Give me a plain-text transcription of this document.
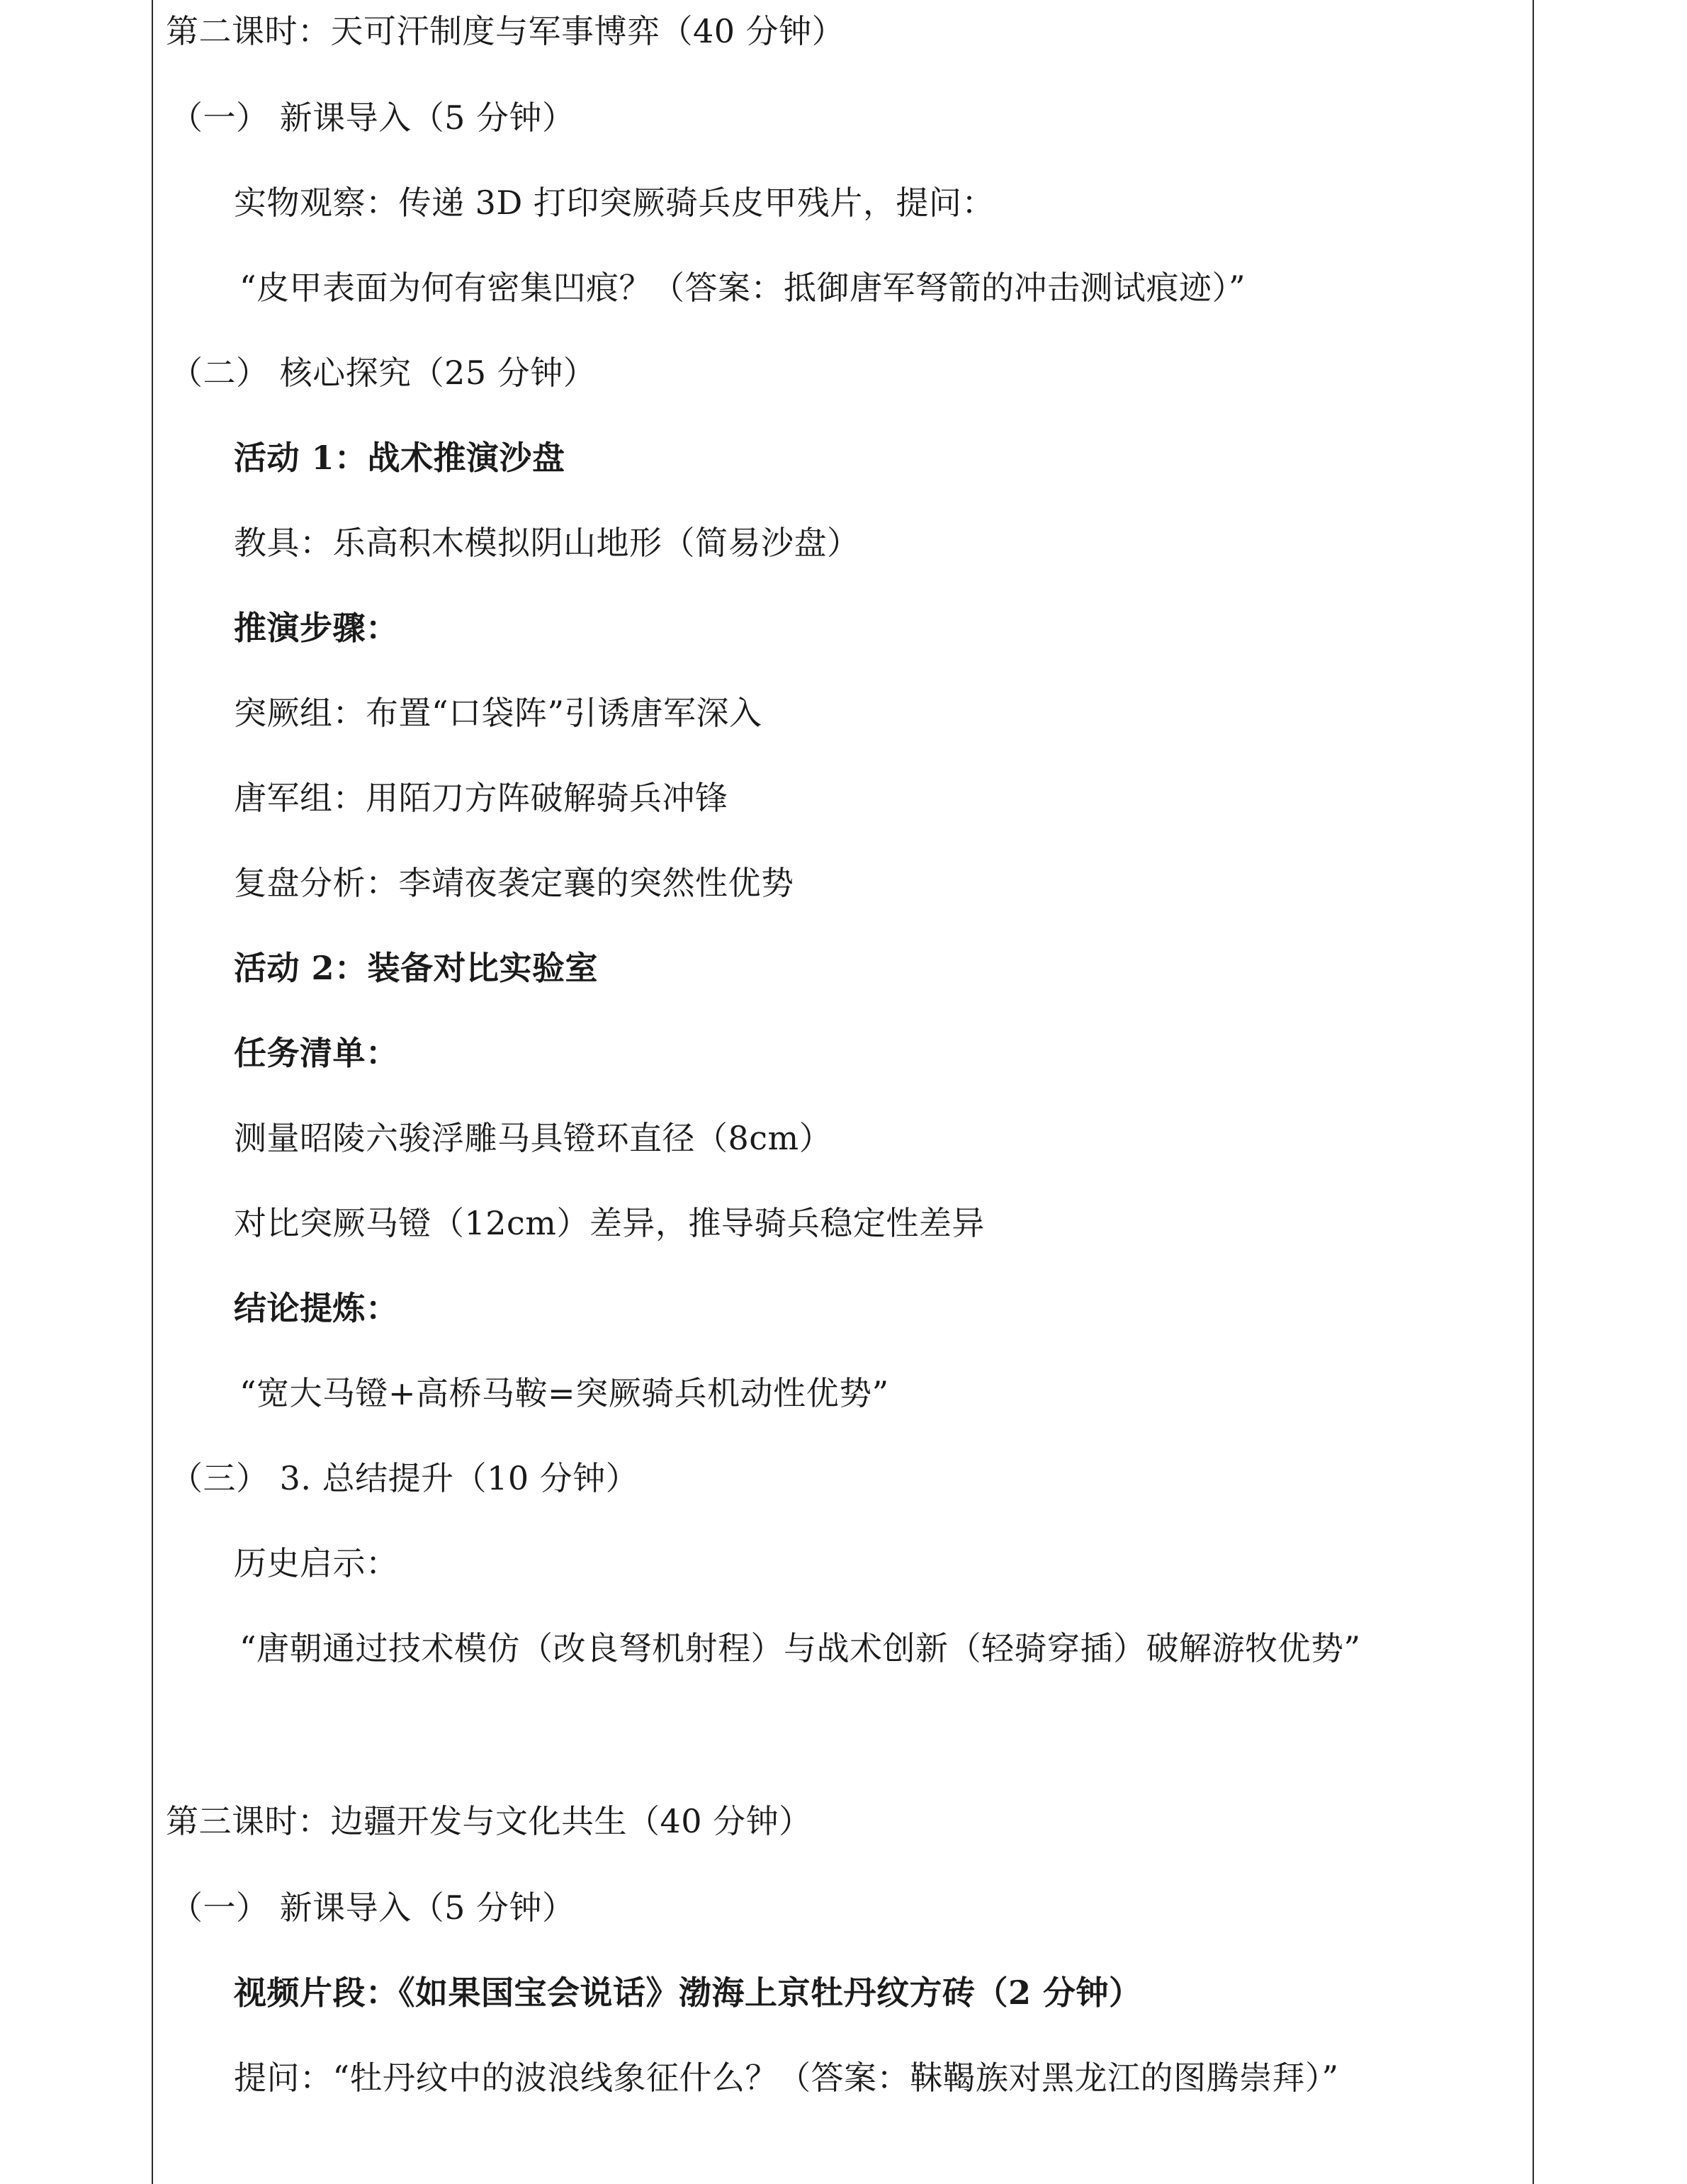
第二课时：天可汗制度与军事博弈（40 分钟）
（一） 新课导入（5 分钟）
实物观察：传递 3D 打印突厥骑兵皮甲残片，提问：
“皮甲表面为何有密集凹痕？（答案：抵御唐军弩箭的冲击测试痕迹）”
（二） 核心探究（25 分钟）
活动 1：战术推演沙盘
教具：乐高积木模拟阴山地形（简易沙盘）
推演步骤：
突厥组：布置“口袋阵”引诱唐军深入
唐军组：用陌刀方阵破解骑兵冲锋
复盘分析：李靖夜袭定襄的突然性优势
活动 2：装备对比实验室
任务清单：
测量昭陵六骏浮雕马具镫环直径（8cm）
对比突厥马镫（12cm）差异，推导骑兵稳定性差异
结论提炼：
“宽大马镫+高桥马鞍=突厥骑兵机动性优势”
（三） 3. 总结提升（10 分钟）
历史启示：
“唐朝通过技术模仿（改良弩机射程）与战术创新（轻骑穿插）破解游牧优势”
第三课时：边疆开发与文化共生（40 分钟）
（一） 新课导入（5 分钟）
视频片段：《如果国宝会说话》渤海上京牡丹纹方砖（2 分钟）
提问：“牡丹纹中的波浪线象征什么？（答案：靺鞨族对黑龙江的图腾崇拜）”
